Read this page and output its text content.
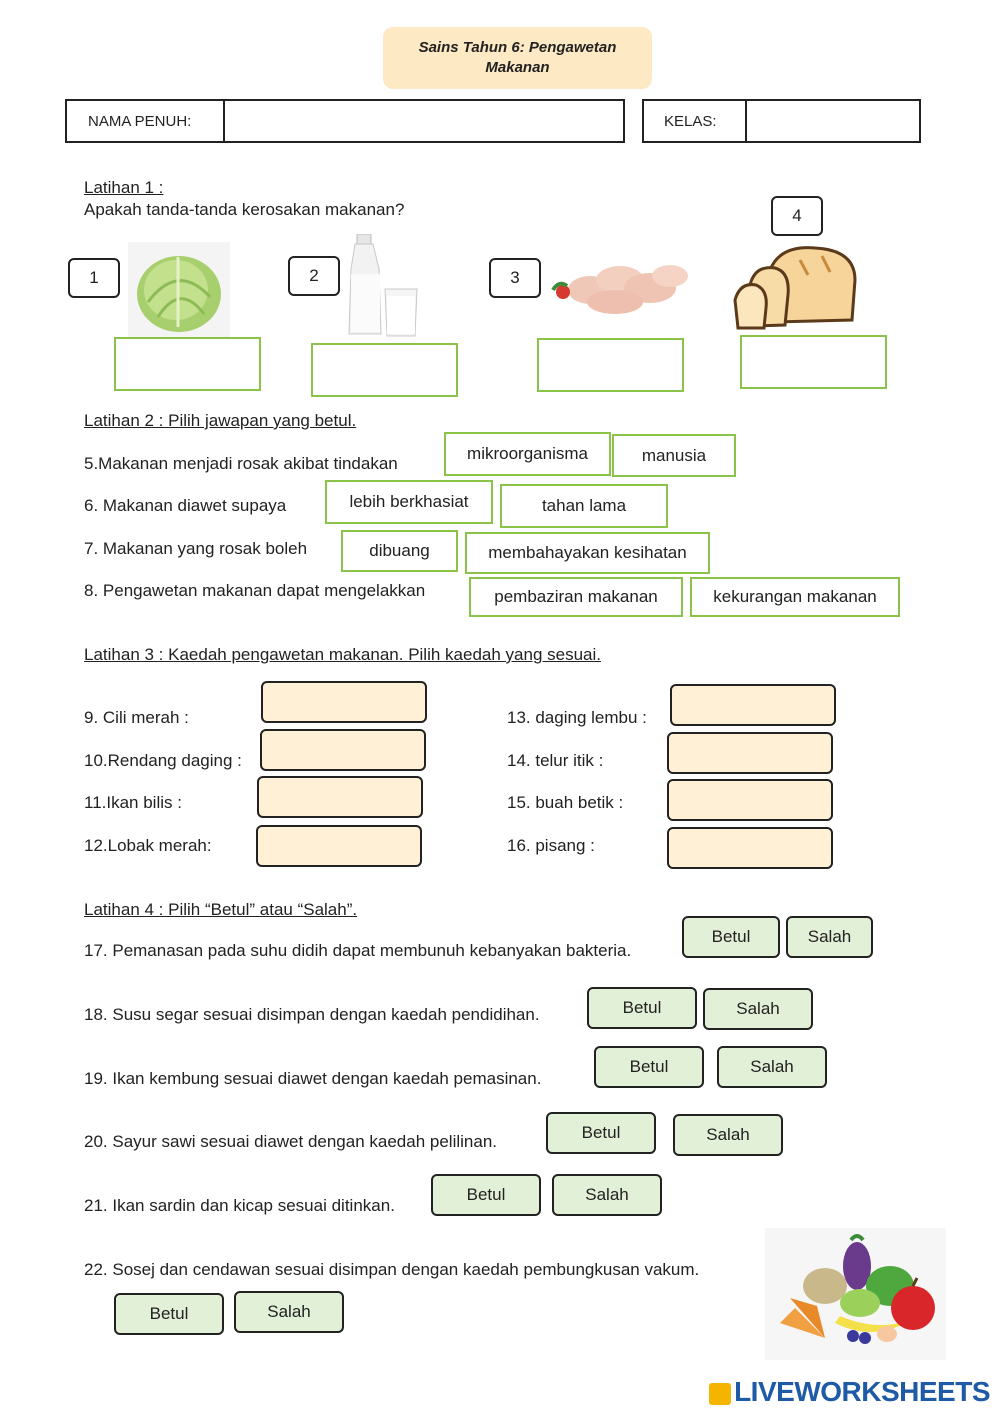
Sains Tahun 6: Pengawetan
Makanan
NAMA PENUH:	KELAS:
Latihan 1 :
Apakah tanda-tanda kerosakan makanan?
1	2	3
4
Latihan 2 : Pilih jawapan yang betul.
5.Makanan menjadi rosak akibat tindakan
mikroorganisma	manusia
6. Makanan diawet supaya	lebih berkhasiat	tahan lama
7. Makanan yang rosak boleh	dibuang	membahayakan kesihatan
8. Pengawetan makanan dapat mengelakkan	pembaziran makanan	kekurangan makanan
Latihan 3 : Kaedah pengawetan makanan. Pilih kaedah yang sesuai.
9. Cili merah :
10.Rendang daging :
11.Ikan bilis :
12.Lobak merah:
13. daging lembu :
14. telur itik :
15. buah betik :
16. pisang :
Latihan 4 : Pilih “Betul” atau “Salah”.
17. Pemanasan pada suhu didih dapat membunuh kebanyakan bakteria.
Betul	Salah
18. Susu segar sesuai disimpan dengan kaedah pendidihan.	Betul	Salah
19. Ikan kembung sesuai diawet dengan kaedah pemasinan.
Betul	Salah
20. Sayur sawi sesuai diawet dengan kaedah pelilinan.	Betul	Salah
21. Ikan sardin dan kicap sesuai ditinkan.
Betul	Salah
22. Sosej dan cendawan sesuai disimpan dengan kaedah pembungkusan vakum.
Betul	Salah
LIVEWORKSHEETS
